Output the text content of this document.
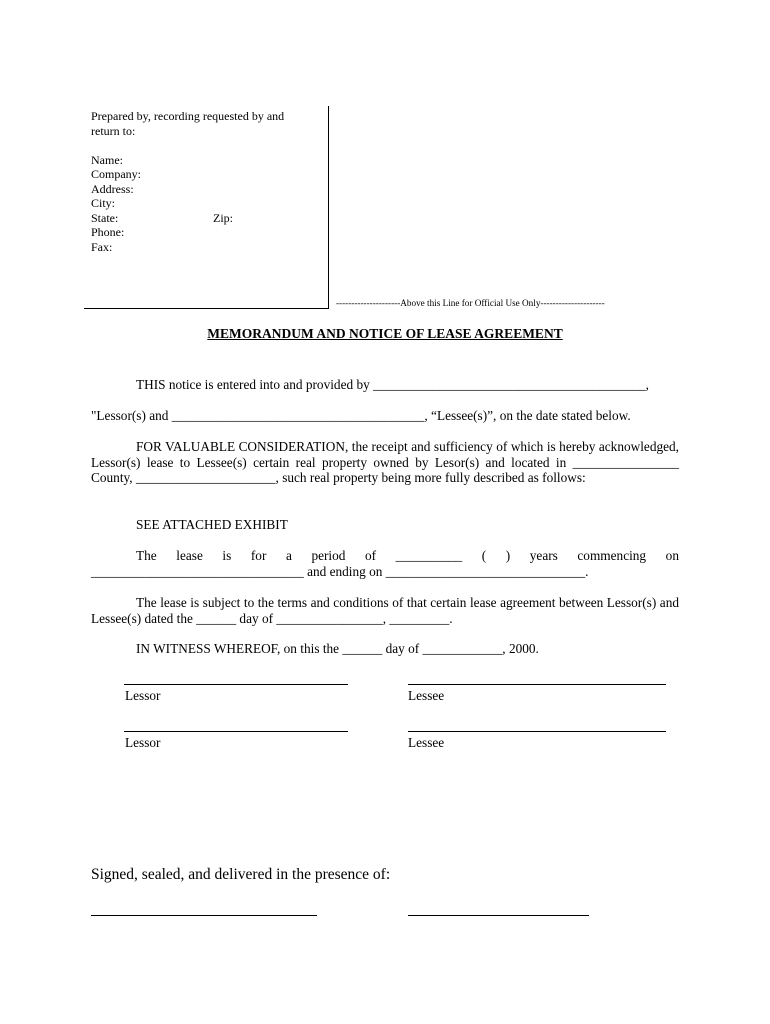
Prepared by, recording requested by and
return to:
Name:
Company:
Address:
City:
State:	Zip:
Phone:
Fax:
---------------------Above this Line for Official Use Only---------------------
MEMORANDUM AND NOTICE OF LEASE AGREEMENT
THIS notice is entered into and provided by _________________________________________,
"Lessor(s) and ______________________________________, “Lessee(s)”, on the date stated below.
FOR VALUABLE CONSIDERATION, the receipt and sufficiency of which is hereby acknowledged, Lessor(s) lease to Lessee(s) certain real property owned by Lesor(s) and located in ________________ County, _____________________, such real property being more fully described as follows:
SEE ATTACHED EXHIBIT
The lease is for a period of __________ ( ) years commencing on
________________________________ and ending on ______________________________.
The lease is subject to the terms and conditions of that certain lease agreement between Lessor(s) and Lessee(s) dated the ______ day of ________________, _________.
IN WITNESS WHEREOF, on this the ______ day of ____________, 2000.
Lessor	Lessee
Lessor	Lessee
Signed, sealed, and delivered in the presence of:
